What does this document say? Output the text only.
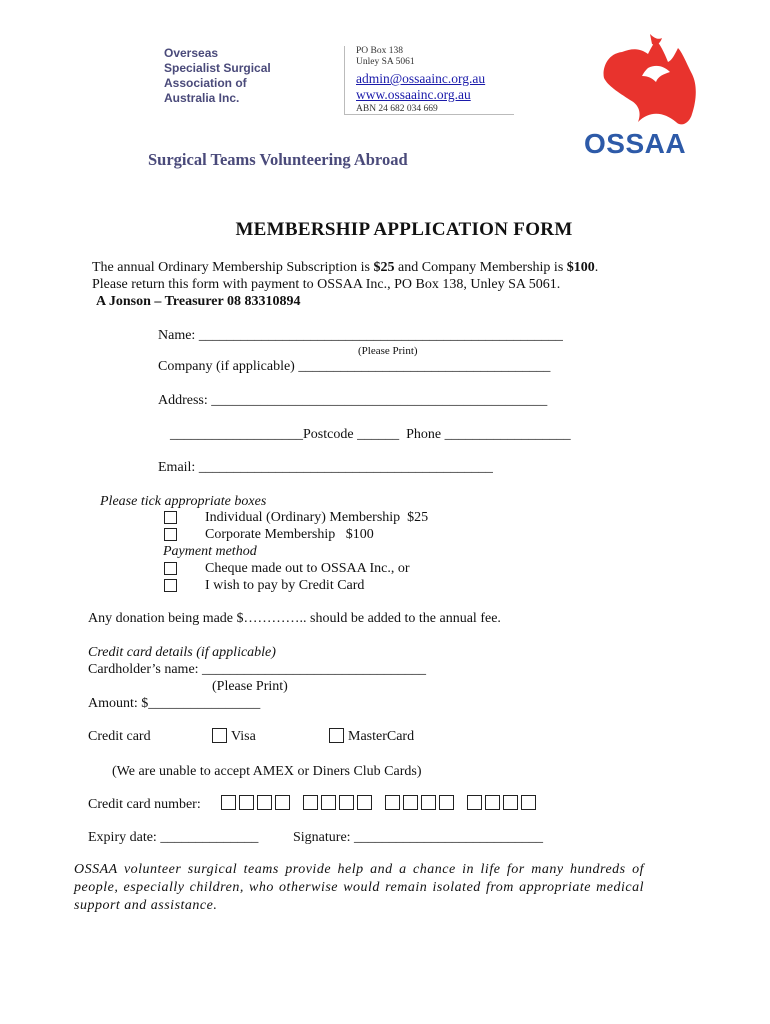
Overseas
Specialist Surgical
Association of
Australia Inc.
PO Box 138
Unley SA 5061
admin@ossaainc.org.au
www.ossaainc.org.au
ABN 24 682 034 669
OSSAA
Surgical Teams Volunteering Abroad
MEMBERSHIP APPLICATION FORM
The annual Ordinary Membership Subscription is $25 and Company Membership is $100.
Please return this form with payment to OSSAA Inc., PO Box 138, Unley SA 5061.
A Jonson – Treasurer 08 83310894
Name: ____________________________________________________
(Please Print)
Company (if applicable) ____________________________________
Address: ________________________________________________
___________________Postcode ______  Phone __________________
Email: __________________________________________
Please tick appropriate boxes
Individual (Ordinary) Membership  $25
Corporate Membership   $100
Payment method
Cheque made out to OSSAA Inc., or
I wish to pay by Credit Card
Any donation being made $………….. should be added to the annual fee.
Credit card details (if applicable)
Cardholder’s name: ________________________________
(Please Print)
Amount: $________________
Credit card	Visa	MasterCard
(We are unable to accept AMEX or Diners Club Cards)
Credit card number:
Expiry date: ______________ Signature: ___________________________
OSSAA volunteer surgical teams provide help and a chance in life for many hundreds of people, especially children, who otherwise would remain isolated from appropriate medical support and assistance.
